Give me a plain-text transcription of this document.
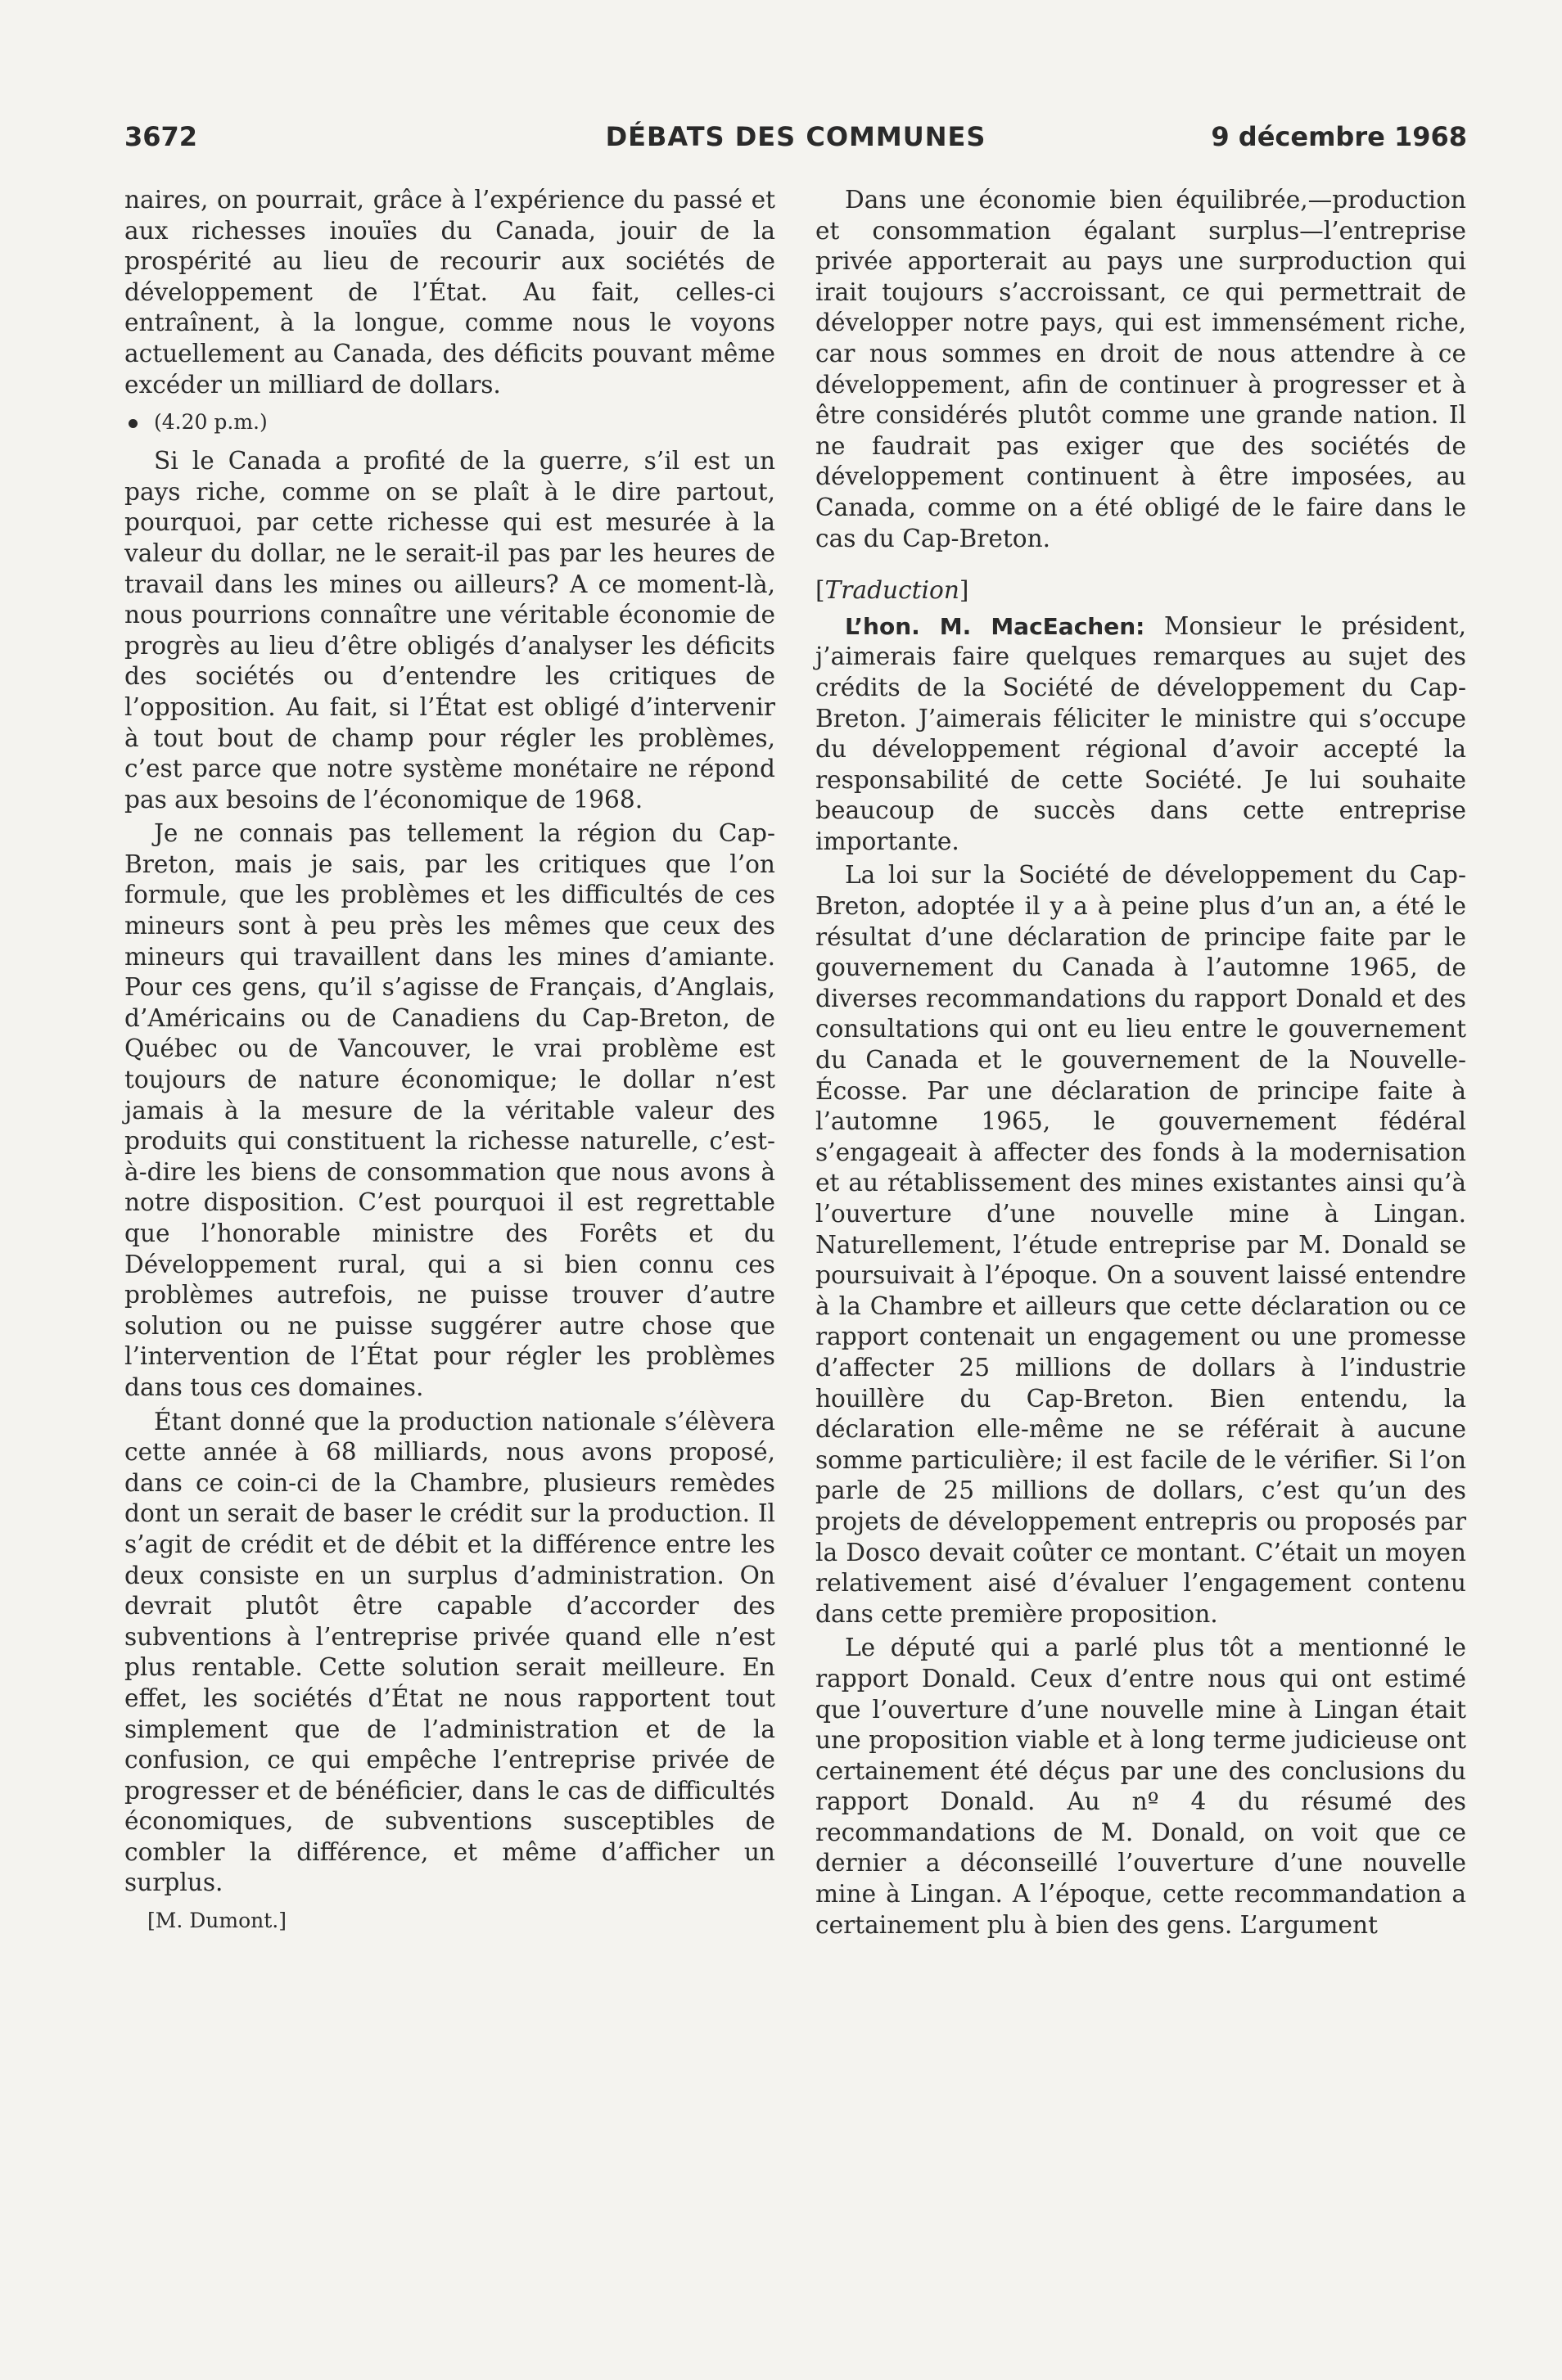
3672	DÉBATS DES COMMUNES	9 décembre 1968

naires, on pourrait, grâce à l’expérience du passé et aux richesses inouïes du Canada, jouir de la prospérité au lieu de recourir aux sociétés de développement de l’État. Au fait, celles-ci entraînent, à la longue, comme nous le voyons actuellement au Canada, des déficits pouvant même excéder un milliard de dollars.

(4.20 p.m.)

Si le Canada a profité de la guerre, s’il est un pays riche, comme on se plaît à le dire partout, pourquoi, par cette richesse qui est mesurée à la valeur du dollar, ne le serait-il pas par les heures de travail dans les mines ou ailleurs? A ce moment-là, nous pourrions connaître une véritable économie de progrès au lieu d’être obligés d’analyser les déficits des sociétés ou d’entendre les critiques de l’opposition. Au fait, si l’État est obligé d’intervenir à tout bout de champ pour régler les problèmes, c’est parce que notre système monétaire ne répond pas aux besoins de l’économique de 1968.

Je ne connais pas tellement la région du Cap-Breton, mais je sais, par les critiques que l’on formule, que les problèmes et les difficultés de ces mineurs sont à peu près les mêmes que ceux des mineurs qui travaillent dans les mines d’amiante. Pour ces gens, qu’il s’agisse de Français, d’Anglais, d’Américains ou de Canadiens du Cap-Breton, de Québec ou de Vancouver, le vrai problème est toujours de nature économique; le dollar n’est jamais à la mesure de la véritable valeur des produits qui constituent la richesse naturelle, c’est-à-dire les biens de consommation que nous avons à notre disposition. C’est pourquoi il est regrettable que l’honorable ministre des Forêts et du Développement rural, qui a si bien connu ces problèmes autrefois, ne puisse trouver d’autre solution ou ne puisse suggérer autre chose que l’intervention de l’État pour régler les problèmes dans tous ces domaines.

Étant donné que la production nationale s’élèvera cette année à 68 milliards, nous avons proposé, dans ce coin-ci de la Chambre, plusieurs remèdes dont un serait de baser le crédit sur la production. Il s’agit de crédit et de débit et la différence entre les deux consiste en un surplus d’administration. On devrait plutôt être capable d’accorder des subventions à l’entreprise privée quand elle n’est plus rentable. Cette solution serait meilleure. En effet, les sociétés d’État ne nous rapportent tout simplement que de l’administration et de la confusion, ce qui empêche l’entreprise privée de progresser et de bénéficier, dans le cas de difficultés économiques, de subventions susceptibles de combler la différence, et même d’afficher un surplus.

[M. Dumont.]

Dans une économie bien équilibrée,—production et consommation égalant surplus—l’entreprise privée apporterait au pays une surproduction qui irait toujours s’accroissant, ce qui permettrait de développer notre pays, qui est immensément riche, car nous sommes en droit de nous attendre à ce développement, afin de continuer à progresser et à être considérés plutôt comme une grande nation. Il ne faudrait pas exiger que des sociétés de développement continuent à être imposées, au Canada, comme on a été obligé de le faire dans le cas du Cap-Breton.

[Traduction]

L’hon. M. MacEachen: Monsieur le président, j’aimerais faire quelques remarques au sujet des crédits de la Société de développement du Cap-Breton. J’aimerais féliciter le ministre qui s’occupe du développement régional d’avoir accepté la responsabilité de cette Société. Je lui souhaite beaucoup de succès dans cette entreprise importante.

La loi sur la Société de développement du Cap-Breton, adoptée il y a à peine plus d’un an, a été le résultat d’une déclaration de principe faite par le gouvernement du Canada à l’automne 1965, de diverses recommandations du rapport Donald et des consultations qui ont eu lieu entre le gouvernement du Canada et le gouvernement de la Nouvelle-Écosse. Par une déclaration de principe faite à l’automne 1965, le gouvernement fédéral s’engageait à affecter des fonds à la modernisation et au rétablissement des mines existantes ainsi qu’à l’ouverture d’une nouvelle mine à Lingan. Naturellement, l’étude entreprise par M. Donald se poursuivait à l’époque. On a souvent laissé entendre à la Chambre et ailleurs que cette déclaration ou ce rapport contenait un engagement ou une promesse d’affecter 25 millions de dollars à l’industrie houillère du Cap-Breton. Bien entendu, la déclaration elle-même ne se référait à aucune somme particulière; il est facile de le vérifier. Si l’on parle de 25 millions de dollars, c’est qu’un des projets de développement entrepris ou proposés par la Dosco devait coûter ce montant. C’était un moyen relativement aisé d’évaluer l’engagement contenu dans cette première proposition.

Le député qui a parlé plus tôt a mentionné le rapport Donald. Ceux d’entre nous qui ont estimé que l’ouverture d’une nouvelle mine à Lingan était une proposition viable et à long terme judicieuse ont certainement été déçus par une des conclusions du rapport Donald. Au nº 4 du résumé des recommandations de M. Donald, on voit que ce dernier a déconseillé l’ouverture d’une nouvelle mine à Lingan. A l’époque, cette recommandation a certainement plu à bien des gens. L’argument
